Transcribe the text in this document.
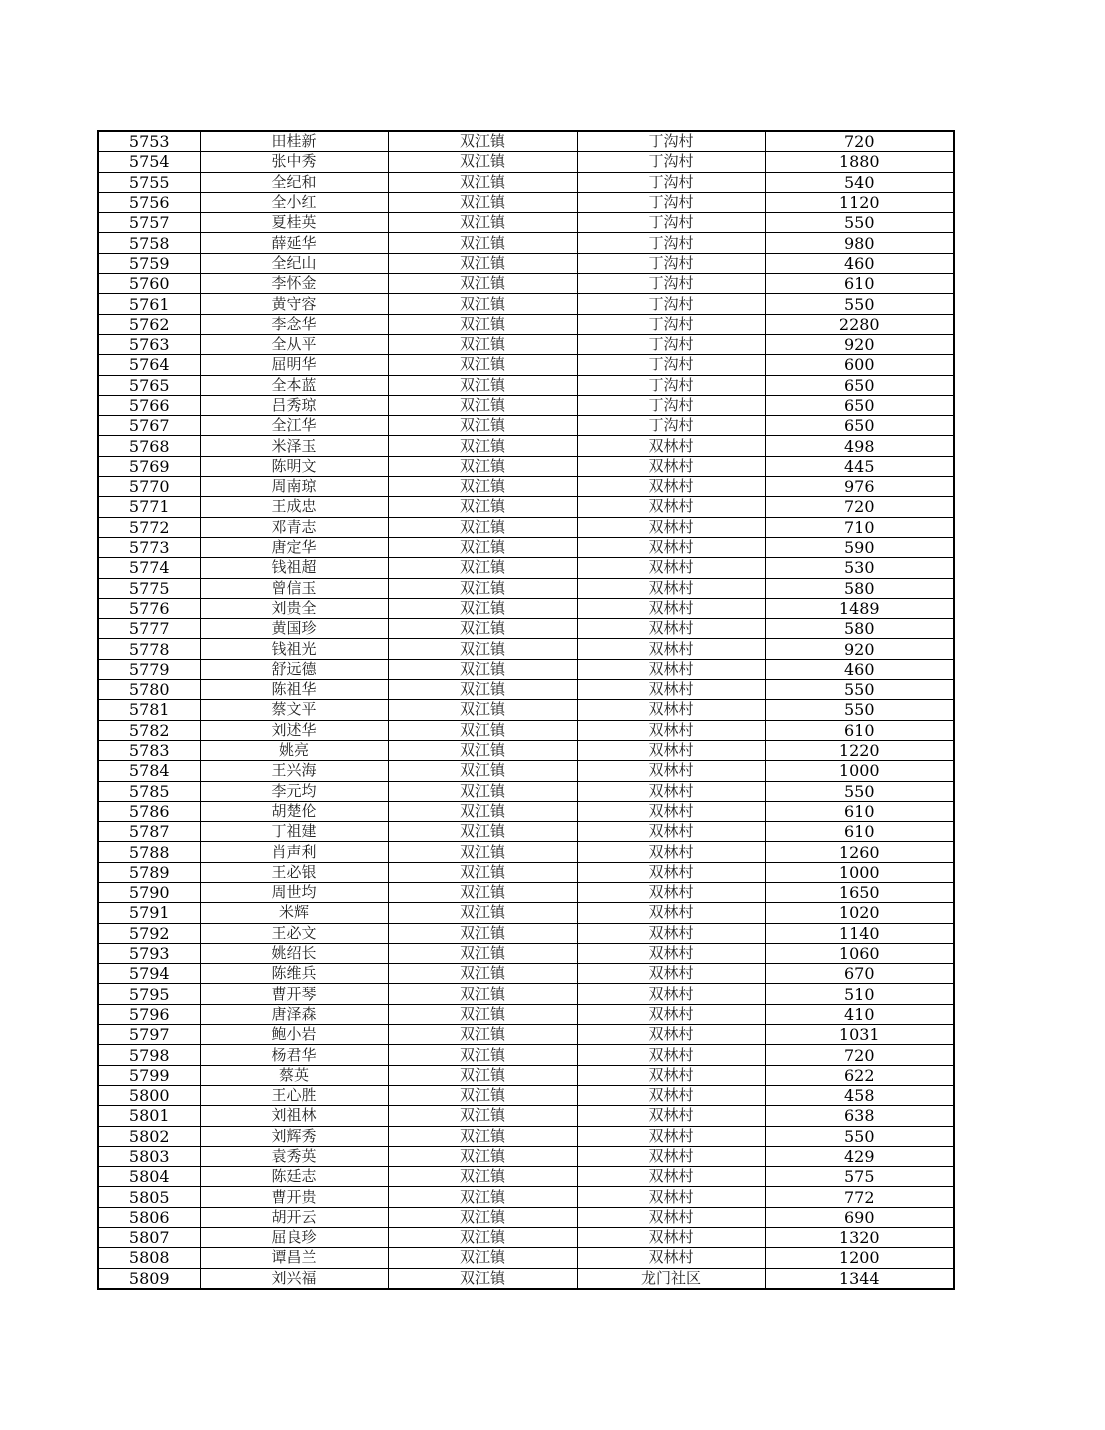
5753	田桂新	双江镇	丁沟村	720
5754	张中秀	双江镇	丁沟村	1880
5755	全纪和	双江镇	丁沟村	540
5756	全小红	双江镇	丁沟村	1120
5757	夏桂英	双江镇	丁沟村	550
5758	薛延华	双江镇	丁沟村	980
5759	全纪山	双江镇	丁沟村	460
5760	李怀金	双江镇	丁沟村	610
5761	黄守容	双江镇	丁沟村	550
5762	李念华	双江镇	丁沟村	2280
5763	全从平	双江镇	丁沟村	920
5764	屈明华	双江镇	丁沟村	600
5765	全本蓝	双江镇	丁沟村	650
5766	吕秀琼	双江镇	丁沟村	650
5767	全江华	双江镇	丁沟村	650
5768	米泽玉	双江镇	双林村	498
5769	陈明文	双江镇	双林村	445
5770	周南琼	双江镇	双林村	976
5771	王成忠	双江镇	双林村	720
5772	邓青志	双江镇	双林村	710
5773	唐定华	双江镇	双林村	590
5774	钱祖超	双江镇	双林村	530
5775	曾信玉	双江镇	双林村	580
5776	刘贵全	双江镇	双林村	1489
5777	黄国珍	双江镇	双林村	580
5778	钱祖光	双江镇	双林村	920
5779	舒远德	双江镇	双林村	460
5780	陈祖华	双江镇	双林村	550
5781	蔡文平	双江镇	双林村	550
5782	刘述华	双江镇	双林村	610
5783	姚亮	双江镇	双林村	1220
5784	王兴海	双江镇	双林村	1000
5785	李元均	双江镇	双林村	550
5786	胡楚伦	双江镇	双林村	610
5787	丁祖建	双江镇	双林村	610
5788	肖声利	双江镇	双林村	1260
5789	王必银	双江镇	双林村	1000
5790	周世均	双江镇	双林村	1650
5791	米辉	双江镇	双林村	1020
5792	王必文	双江镇	双林村	1140
5793	姚绍长	双江镇	双林村	1060
5794	陈维兵	双江镇	双林村	670
5795	曹开琴	双江镇	双林村	510
5796	唐泽森	双江镇	双林村	410
5797	鲍小岩	双江镇	双林村	1031
5798	杨君华	双江镇	双林村	720
5799	蔡英	双江镇	双林村	622
5800	王心胜	双江镇	双林村	458
5801	刘祖林	双江镇	双林村	638
5802	刘辉秀	双江镇	双林村	550
5803	袁秀英	双江镇	双林村	429
5804	陈廷志	双江镇	双林村	575
5805	曹开贵	双江镇	双林村	772
5806	胡开云	双江镇	双林村	690
5807	屈良珍	双江镇	双林村	1320
5808	谭昌兰	双江镇	双林村	1200
5809	刘兴福	双江镇	龙门社区	1344
